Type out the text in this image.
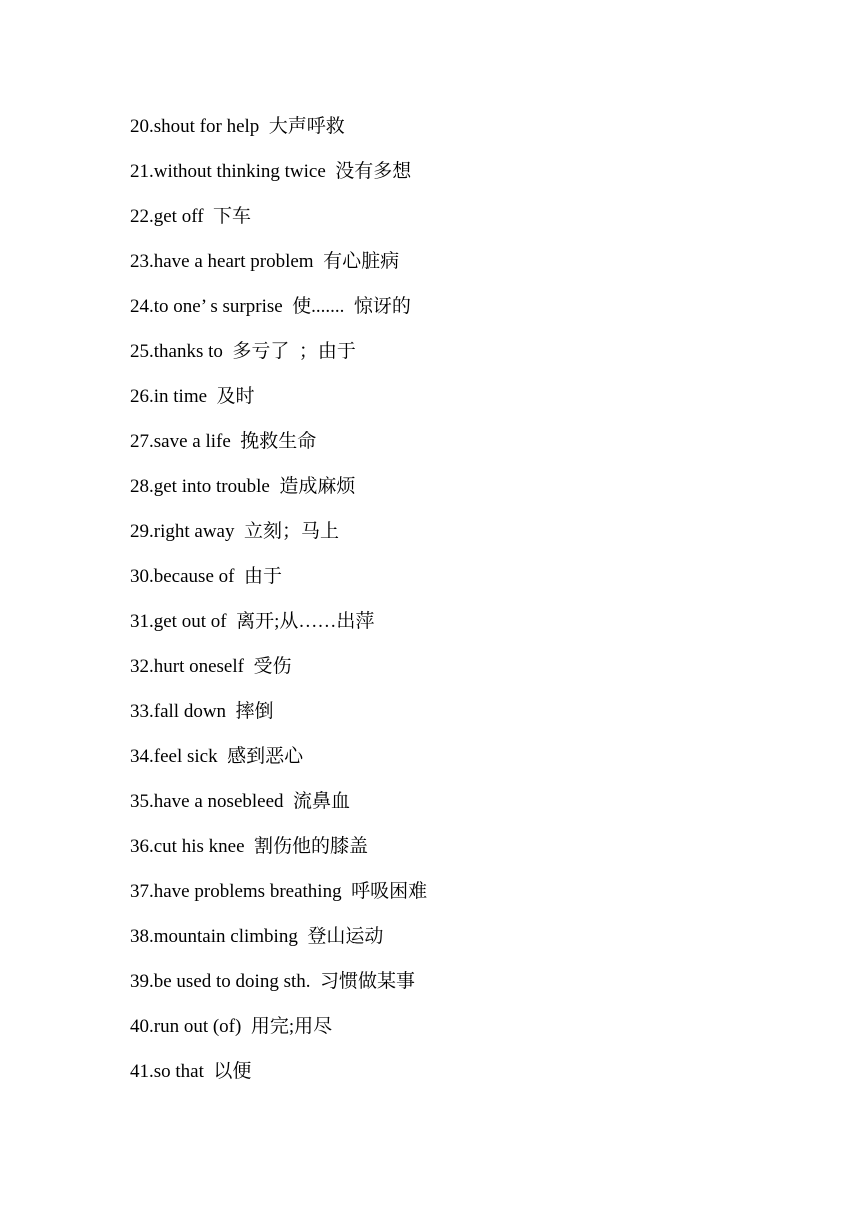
20.shout for help  大声呼救
21.without thinking twice  没有多想
22.get off  下车
23.have a heart problem  有心脏病
24.to one’ s surprise  使.......  惊讶的
25.thanks to  多亏了  ；由于
26.in time  及时
27.save a life  挽救生命
28.get into trouble  造成麻烦
29.right away  立刻；马上
30.because of  由于
31.get out of  离开;从……出萍
32.hurt oneself  受伤
33.fall down  摔倒
34.feel sick  感到恶心
35.have a nosebleed  流鼻血
36.cut his knee  割伤他的膝盖
37.have problems breathing  呼吸困难
38.mountain climbing  登山运动
39.be used to doing sth.  习惯做某事
40.run out (of)  用完;用尽
41.so that  以便
